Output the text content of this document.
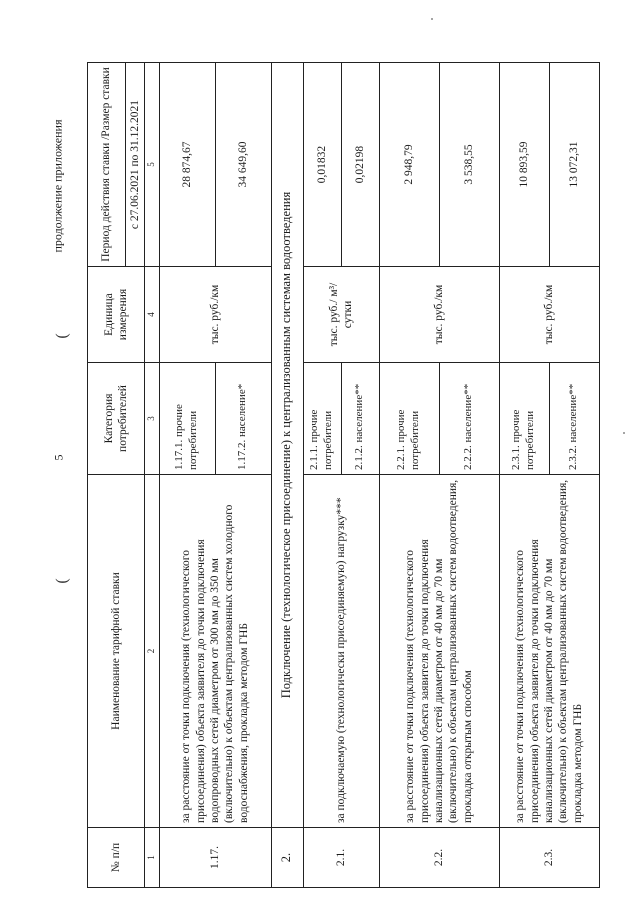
продолжение приложения
5
(
(
№ п/п	Наименование тарифной ставки	Категория потребителей	Единица измерения	Период действия ставки /Размер ставки
				с 27.06.2021 по 31.12.2021
1	2	3	4	5
1.17.	за расстояние от точки подключения (технологического присоединения) объекта заявителя до точки подключения водопроводных сетей диаметром от 300 мм до 350 мм (включительно) к объектам централизованных систем холодного водоснабжения, прокладка методом ГНБ	1.17.1. прочие потребители	тыс. руб./км	28 874,67
		1.17.2. население*		34 649,60
2.	Подключение (технологическое присоединение) к централизованным системам водоотведения			
2.1.	за подключаемую (технологически присоединяемую) нагрузку***	2.1.1. прочие потребители	тыс. руб./ м³/сутки	0,01832
		2.1.2. население**		0,02198
2.2.	за расстояние от точки подключения (технологического присоединения) объекта заявителя до точки подключения канализационных сетей диаметром от 40 мм до 70 мм (включительно) к объектам централизованных систем водоотведения, прокладка открытым способом	2.2.1. прочие потребители	тыс. руб./км	2 948,79
		2.2.2. население**		3 538,55
2.3.	за расстояние от точки подключения (технологического присоединения) объекта заявителя до точки подключения канализационных сетей диаметром от 40 мм до 70 мм (включительно) к объектам централизованных систем водоотведения, прокладка методом ГНБ	2.3.1. прочие потребители	тыс. руб./км	10 893,59
		2.3.2. население**		13 072,31
